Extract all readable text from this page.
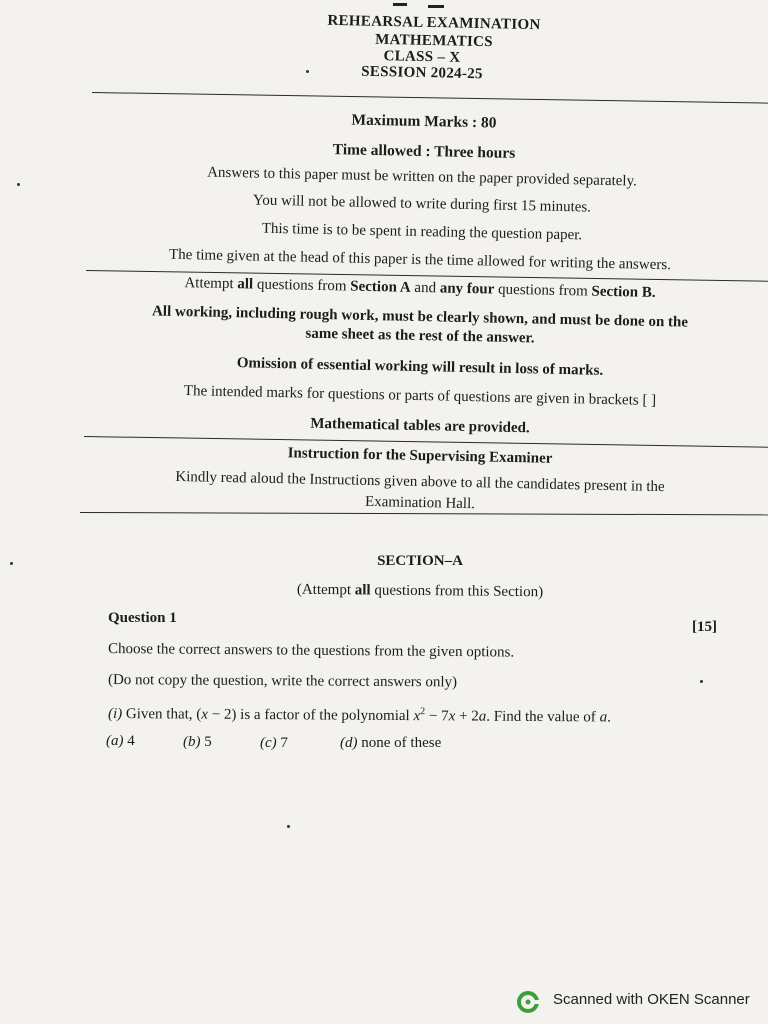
REHEARSAL EXAMINATION
MATHEMATICS
CLASS – X
SESSION 2024-25
Maximum Marks : 80
Time allowed : Three hours
Answers to this paper must be written on the paper provided separately.
You will not be allowed to write during first 15 minutes.
This time is to be spent in reading the question paper.
The time given at the head of this paper is the time allowed for writing the answers.
Attempt all questions from Section A and any four questions from Section B.
All working, including rough work, must be clearly shown, and must be done on the
same sheet as the rest of the answer.
Omission of essential working will result in loss of marks.
The intended marks for questions or parts of questions are given in brackets [ ]
Mathematical tables are provided.
Instruction for the Supervising Examiner
Kindly read aloud the Instructions given above to all the candidates present in the
Examination Hall.
SECTION–A
(Attempt all questions from this Section)
Question 1
[15]
Choose the correct answers to the questions from the given options.
(Do not copy the question, write the correct answers only)
(i) Given that, (x − 2) is a factor of the polynomial $x^2 - 7x + 2a$. Find the value of a.
(a) 4	(b) 5	(c) 7	(d) none of these
Scanned with OKEN Scanner
